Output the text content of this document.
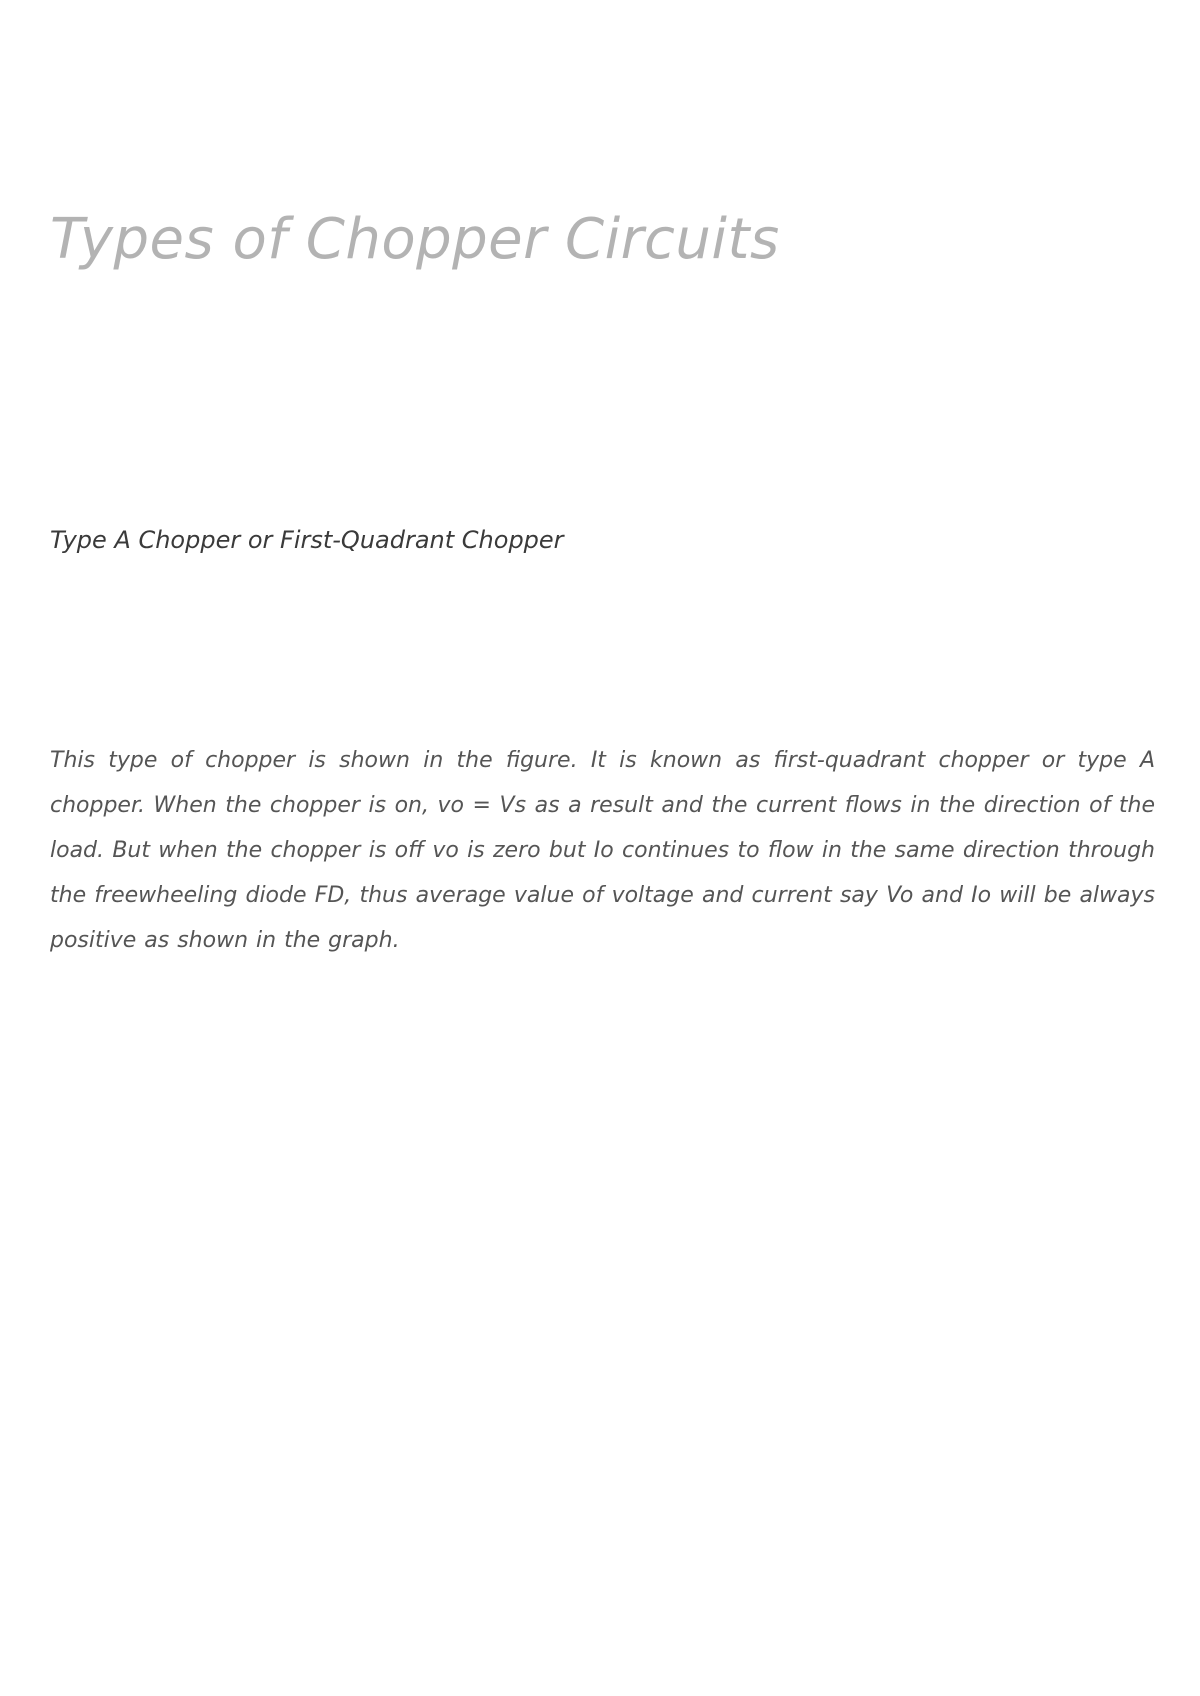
Types of Chopper Circuits
Type A Chopper or First-Quadrant Chopper

This type of chopper is shown in the figure. It is known as first-quadrant chopper or type A chopper. When the chopper is on, vo = Vs as a result and the current flows in the direction of the load. But when the chopper is off vo is zero but Io continues to flow in the same direction through the freewheeling diode FD, thus average value of voltage and current say Vo and Io will be always positive as shown in the graph.
